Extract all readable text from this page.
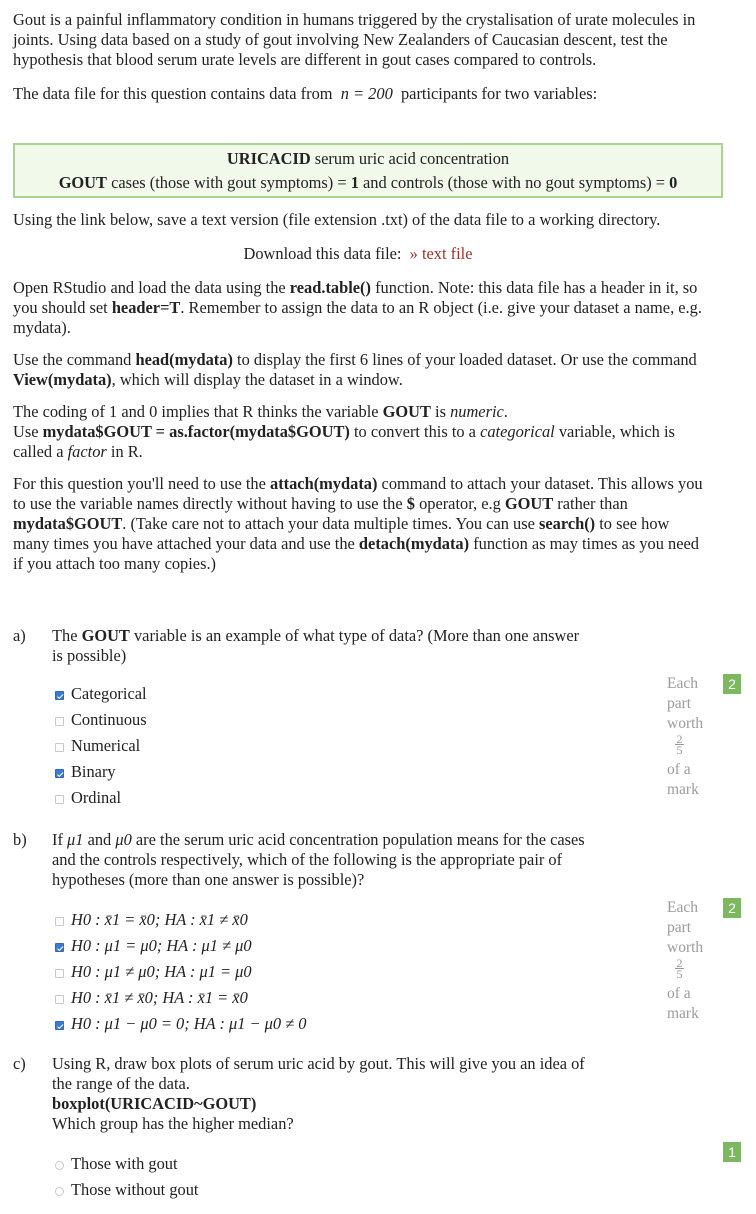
Gout is a painful inflammatory condition in humans triggered by the crystalisation of urate molecules in joints. Using data based on a study of gout involving New Zealanders of Caucasian descent, test the hypothesis that blood serum urate levels are different in gout cases compared to controls.

The data file for this question contains data from n = 200 participants for two variables:

URICACID serum uric acid concentration
GOUT cases (those with gout symptoms) = 1 and controls (those with no gout symptoms) = 0

Using the link below, save a text version (file extension .txt) of the data file to a working directory.

Download this data file: » text file

Open RStudio and load the data using the read.table() function. Note: this data file has a header in it, so you should set header=T. Remember to assign the data to an R object (i.e. give your dataset a name, e.g. mydata).

Use the command head(mydata) to display the first 6 lines of your loaded dataset. Or use the command View(mydata), which will display the dataset in a window.

The coding of 1 and 0 implies that R thinks the variable GOUT is numeric.
Use mydata$GOUT = as.factor(mydata$GOUT) to convert this to a categorical variable, which is called a factor in R.

For this question you'll need to use the attach(mydata) command to attach your dataset. This allows you to use the variable names directly without having to use the $ operator, e.g GOUT rather than mydata$GOUT. (Take care not to attach your data multiple times. You can use search() to see how many times you have attached your data and use the detach(mydata) function as may times as you need if you attach too many copies.)

a) The GOUT variable is an example of what type of data? (More than one answer is possible)
Categorical
Continuous
Numerical
Binary
Ordinal
Each part worth
$\frac{2}{5}$
of a mark
2
b) If μ1 and μ0 are the serum uric acid concentration population means for the cases and the controls respectively, which of the following is the appropriate pair of hypotheses (more than one answer is possible)?
H0 : x̄1 = x̄0; HA : x̄1 ≠ x̄0
H0 : μ1 = μ0; HA : μ1 ≠ μ0
H0 : μ1 ≠ μ0; HA : μ1 = μ0
H0 : x̄1 ≠ x̄0; HA : x̄1 = x̄0
H0 : μ1 − μ0 = 0; HA : μ1 − μ0 ≠ 0
Each part worth
$\frac{2}{5}$
of a mark
2
c) Using R, draw box plots of serum uric acid by gout. This will give you an idea of the range of the data.
boxplot(URICACID~GOUT)
Which group has the higher median?
Those with gout
Those without gout
1
